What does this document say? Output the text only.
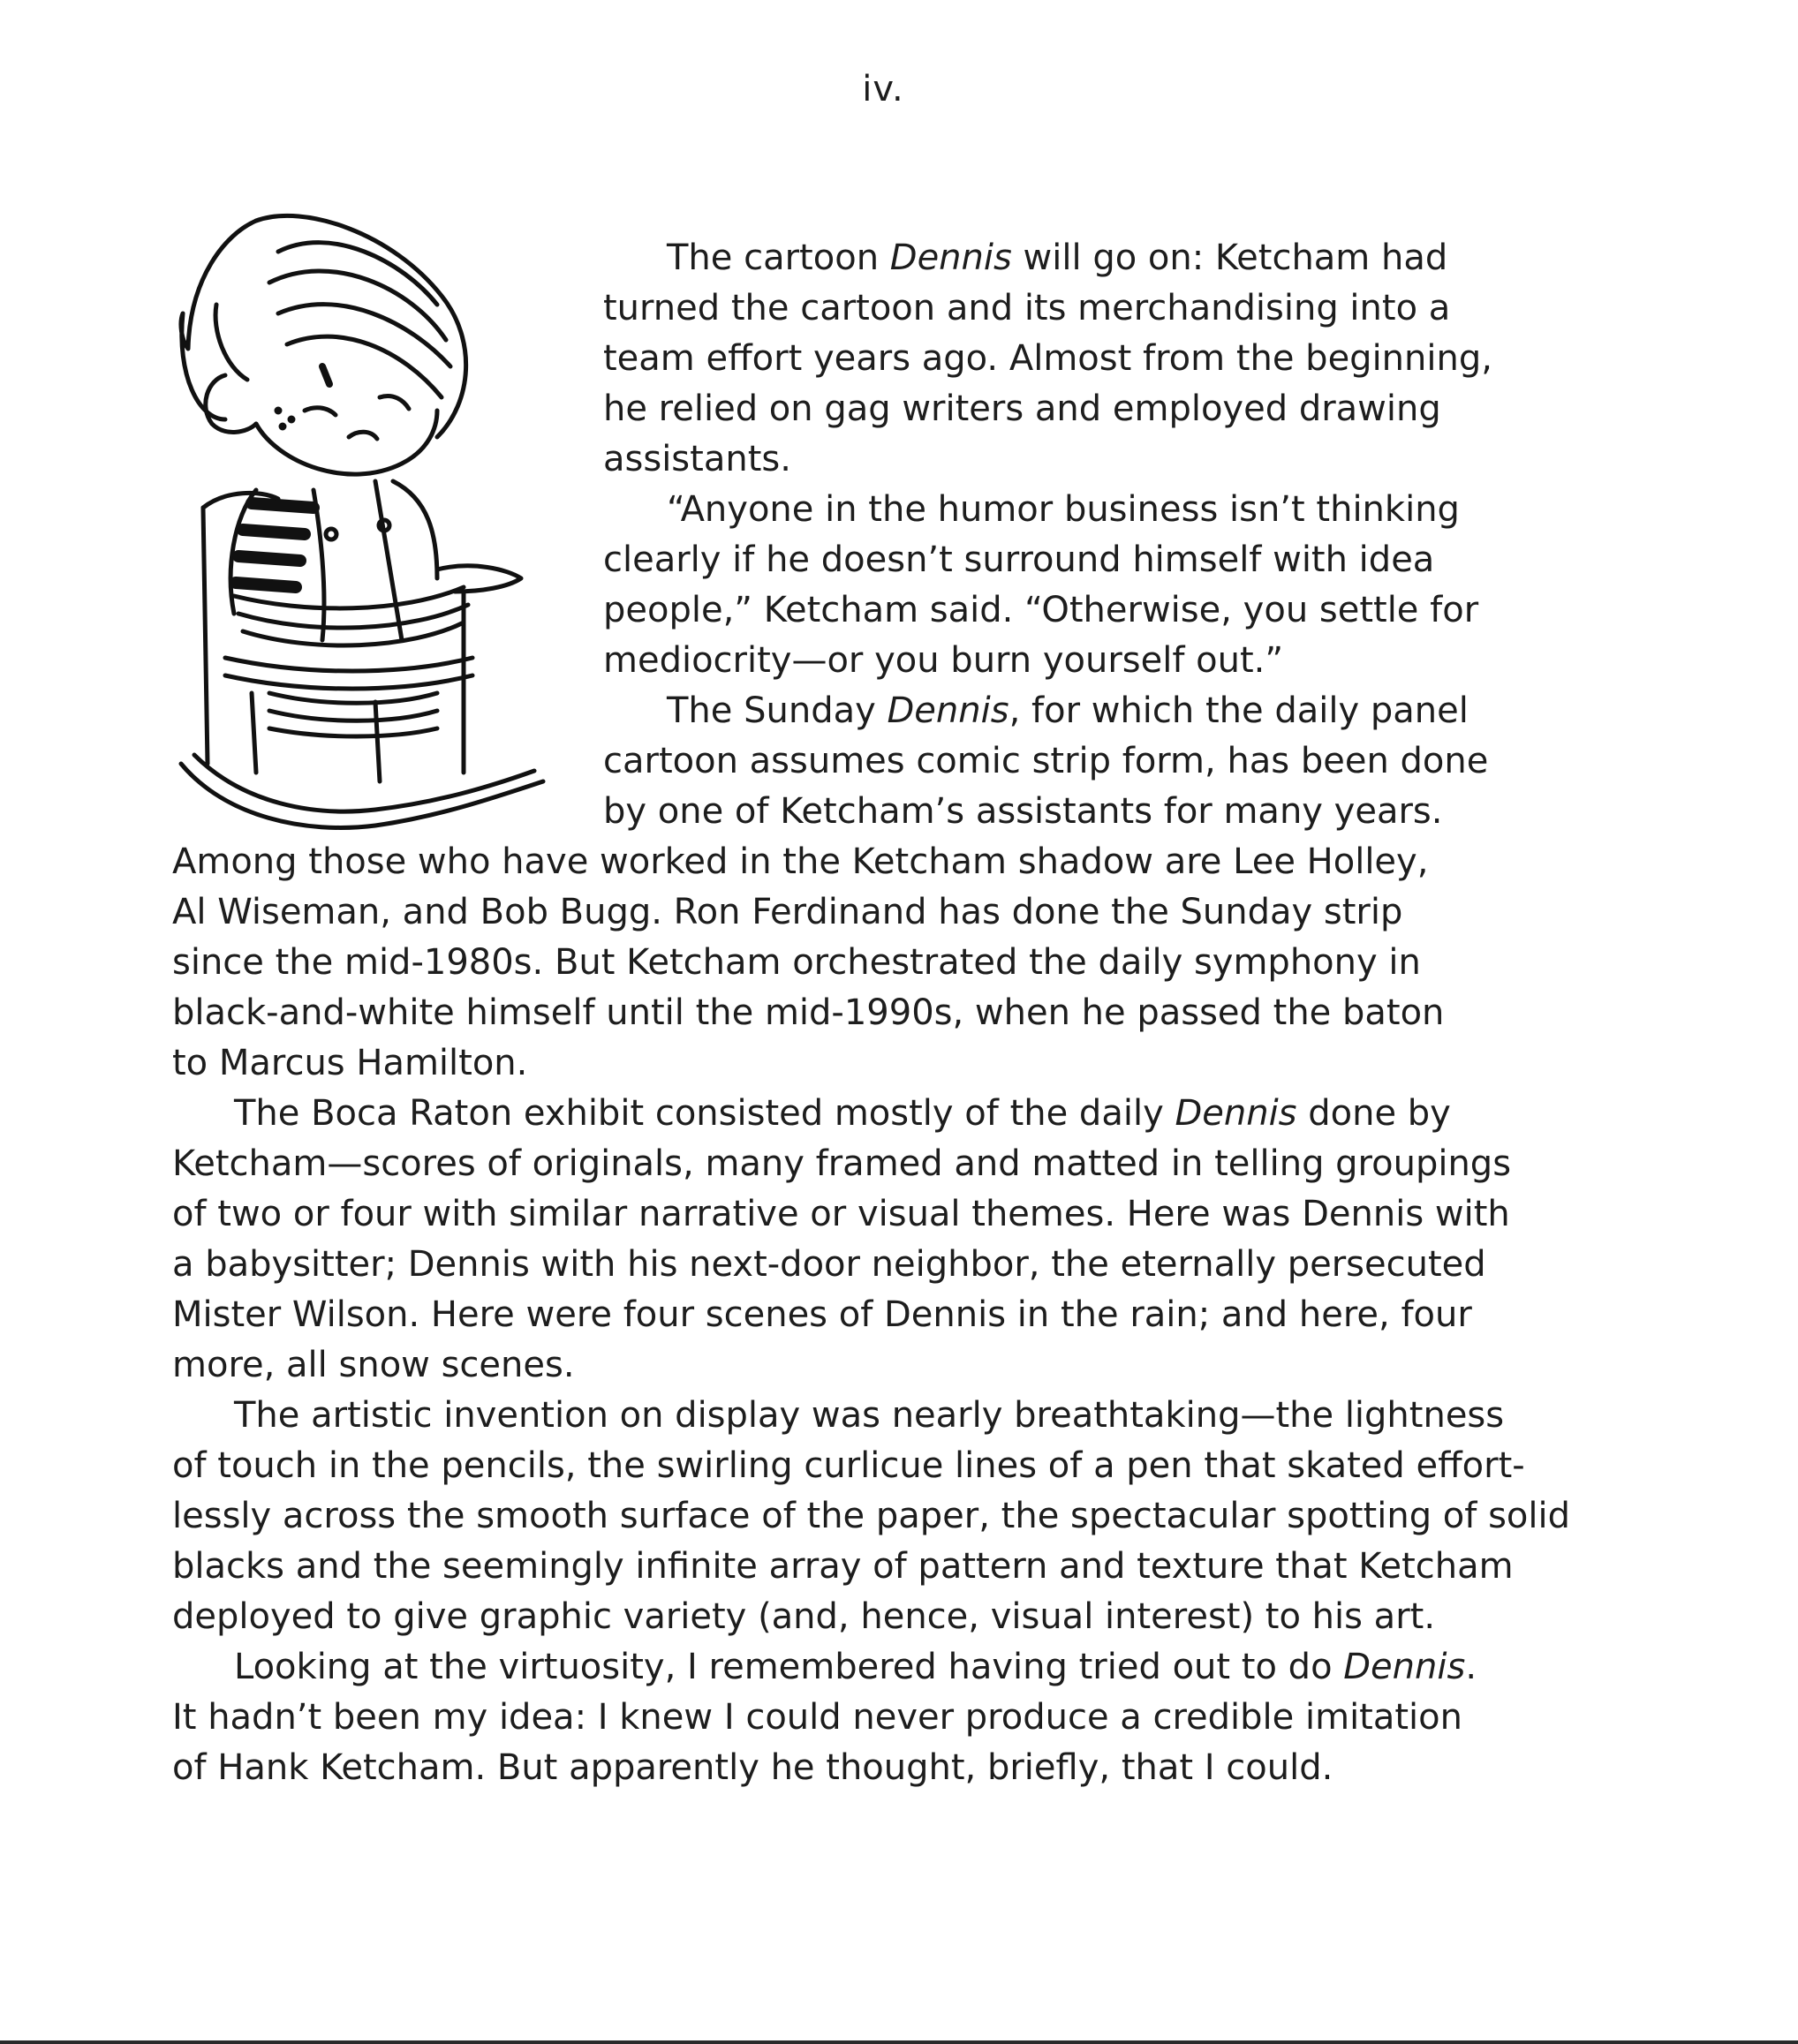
iv.
The cartoon Dennis will go on: Ketcham had
turned the cartoon and its merchandising into a
team effort years ago. Almost from the beginning,
he relied on gag writers and employed drawing
assistants.
“Anyone in the humor business isn’t thinking
clearly if he doesn’t surround himself with idea
people,” Ketcham said. “Otherwise, you settle for
mediocrity—or you burn yourself out.”
The Sunday Dennis, for which the daily panel
cartoon assumes comic strip form, has been done
by one of Ketcham’s assistants for many years.
Among those who have worked in the Ketcham shadow are Lee Holley,
Al Wiseman, and Bob Bugg. Ron Ferdinand has done the Sunday strip
since the mid-1980s. But Ketcham orchestrated the daily symphony in
black-and-white himself until the mid-1990s, when he passed the baton
to Marcus Hamilton.
The Boca Raton exhibit consisted mostly of the daily Dennis done by
Ketcham—scores of originals, many framed and matted in telling groupings
of two or four with similar narrative or visual themes. Here was Dennis with
a babysitter; Dennis with his next-door neighbor, the eternally persecuted
Mister Wilson. Here were four scenes of Dennis in the rain; and here, four
more, all snow scenes.
The artistic invention on display was nearly breathtaking—the lightness
of touch in the pencils, the swirling curlicue lines of a pen that skated effort-
lessly across the smooth surface of the paper, the spectacular spotting of solid
blacks and the seemingly infinite array of pattern and texture that Ketcham
deployed to give graphic variety (and, hence, visual interest) to his art.
Looking at the virtuosity, I remembered having tried out to do Dennis.
It hadn’t been my idea: I knew I could never produce a credible imitation
of Hank Ketcham. But apparently he thought, briefly, that I could.
